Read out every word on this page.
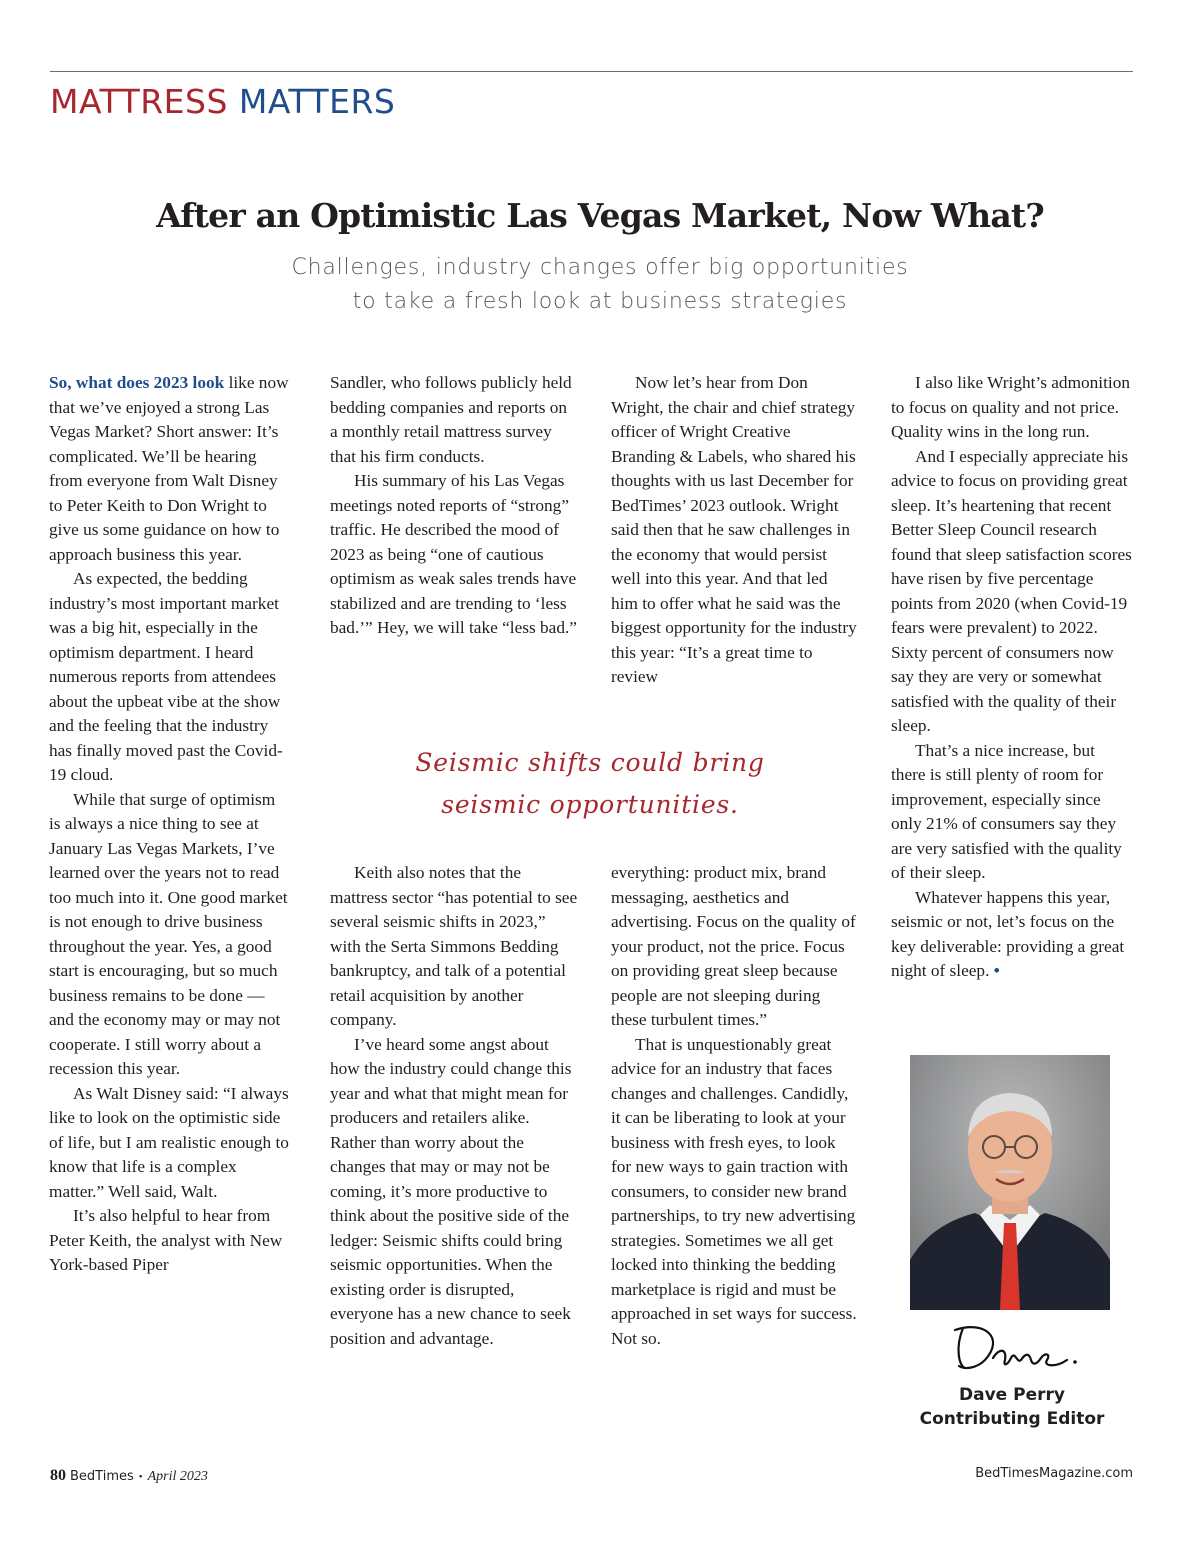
MATTRESS MATTERS
After an Optimistic Las Vegas Market, Now What?
Challenges, industry changes offer big opportunities
to take a fresh look at business strategies

So, what does 2023 look like now that we’ve enjoyed a strong Las Vegas Market? Short answer: It’s complicated. We’ll be hearing from everyone from Walt Disney to Peter Keith to Don Wright to give us some guidance on how to approach business this year.

As expected, the bedding industry’s most important market was a big hit, especially in the optimism department. I heard numerous reports from attendees about the upbeat vibe at the show and the feeling that the industry has finally moved past the Covid-19 cloud.

While that surge of optimism is always a nice thing to see at January Las Vegas Markets, I’ve learned over the years not to read too much into it. One good market is not enough to drive business throughout the year. Yes, a good start is encouraging, but so much business remains to be done — and the economy may or may not cooperate. I still worry about a recession this year.

As Walt Disney said: “I always like to look on the optimistic side of life, but I am realistic enough to know that life is a complex matter.” Well said, Walt.

It’s also helpful to hear from Peter Keith, the analyst with New York-based Piper

Sandler, who follows publicly held bedding companies and reports on a monthly retail mattress survey that his firm conducts.

His summary of his Las Vegas meetings noted reports of “strong” traffic. He described the mood of 2023 as being “one of cautious optimism as weak sales trends have stabilized and are trending to ‘less bad.’” Hey, we will take “less bad.”

Now let’s hear from Don Wright, the chair and chief strategy officer of Wright Creative Branding & Labels, who shared his thoughts with us last December for BedTimes’ 2023 outlook. Wright said then that he saw challenges in the economy that would persist well into this year. And that led him to offer what he said was the biggest opportunity for the industry this year: “It’s a great time to review

Seismic shifts could bring
seismic opportunities.

Keith also notes that the mattress sector “has potential to see several seismic shifts in 2023,” with the Serta Simmons Bedding bankruptcy, and talk of a potential retail acquisition by another company.

I’ve heard some angst about how the industry could change this year and what that might mean for producers and retailers alike. Rather than worry about the changes that may or may not be coming, it’s more productive to think about the positive side of the ledger: Seismic shifts could bring seismic opportunities. When the existing order is disrupted, everyone has a new chance to seek position and advantage.

everything: product mix, brand messaging, aesthetics and advertising. Focus on the quality of your product, not the price. Focus on providing great sleep because people are not sleeping during these turbulent times.”

That is unquestionably great advice for an industry that faces changes and challenges. Candidly, it can be liberating to look at your business with fresh eyes, to look for new ways to gain traction with consumers, to consider new brand partnerships, to try new advertising strategies. Sometimes we all get locked into thinking the bedding marketplace is rigid and must be approached in set ways for success. Not so.

I also like Wright’s admonition to focus on quality and not price. Quality wins in the long run.

And I especially appreciate his advice to focus on providing great sleep. It’s heartening that recent Better Sleep Council research found that sleep satisfaction scores have risen by five percentage points from 2020 (when Covid-19 fears were prevalent) to 2022. Sixty percent of consumers now say they are very or somewhat satisfied with the quality of their sleep.

That’s a nice increase, but there is still plenty of room for improvement, especially since only 21% of consumers say they are very satisfied with the quality of their sleep.

Whatever happens this year, seismic or not, let’s focus on the key deliverable: providing a great night of sleep. •

Dave Perry
Contributing Editor
80 BedTimes • April 2023	BedTimesMagazine.com
